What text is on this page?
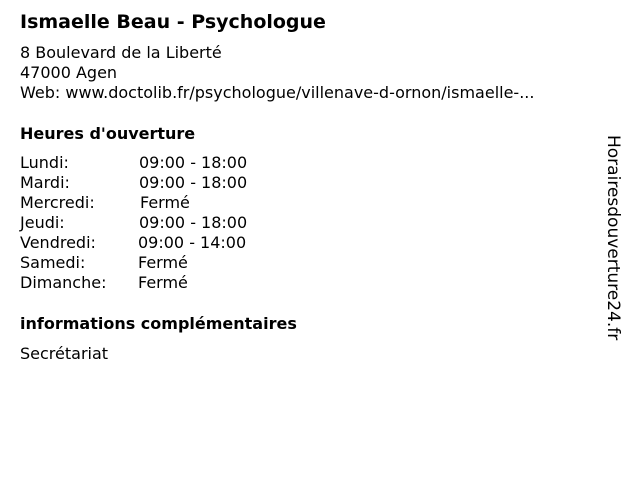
Ismaelle Beau - Psychologue
8 Boulevard de la Liberté
47000 Agen
Web: www.doctolib.fr/psychologue/villenave-d-ornon/ismaelle-...
Heures d'ouverture
Lundi:	09:00 - 18:00
Mardi:	09:00 - 18:00
Mercredi:	Fermé
Jeudi:	09:00 - 18:00
Vendredi:	09:00 - 14:00
Samedi:	Fermé
Dimanche: Fermé
informations complémentaires
Secrétariat
Horairesdouverture24.fr
